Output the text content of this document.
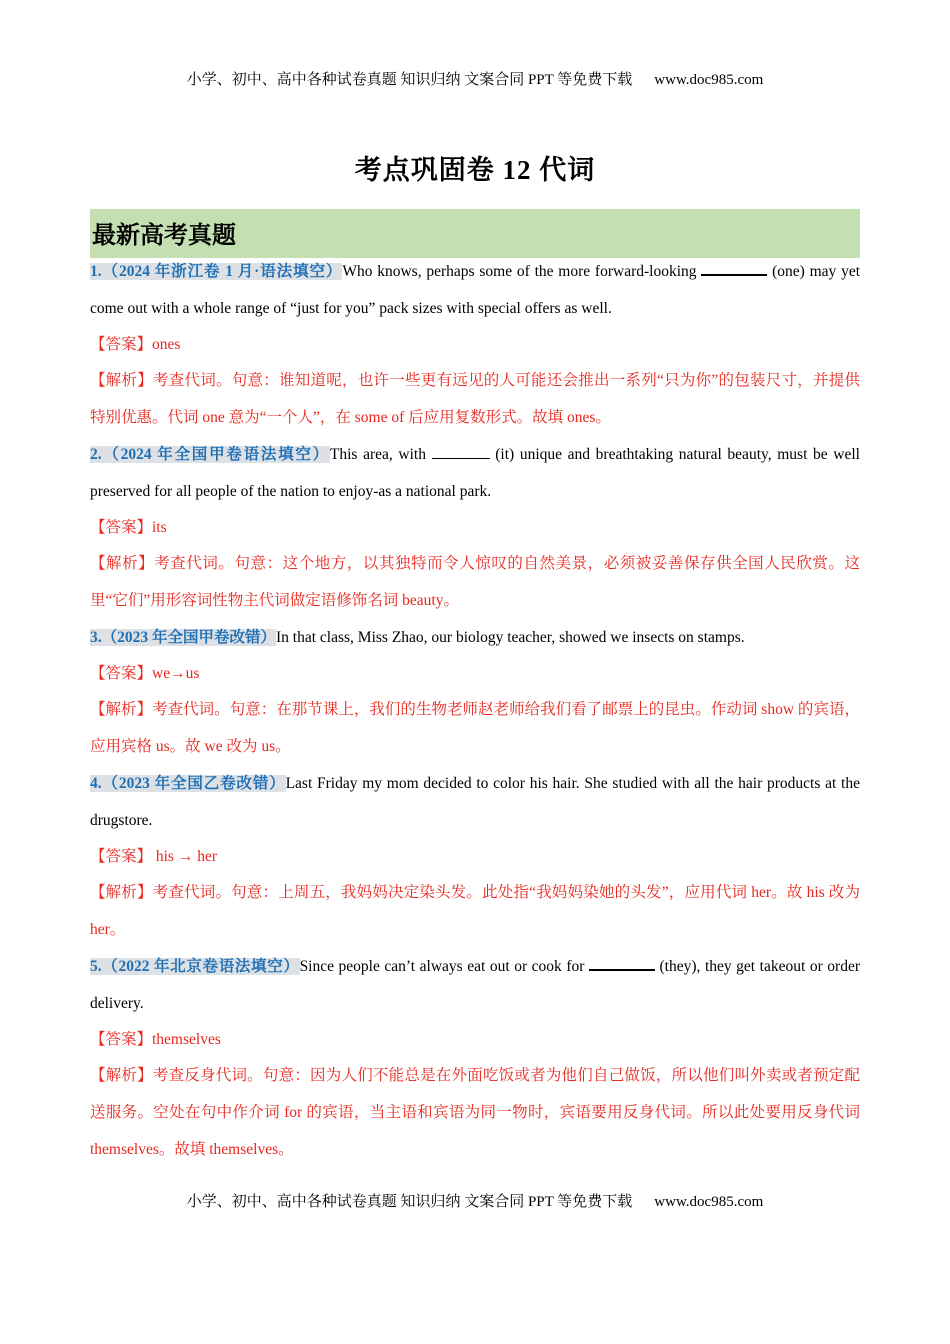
小学、初中、高中各种试卷真题 知识归纳 文案合同 PPT 等免费下载 www.doc985.com
考点巩固卷 12 代词
最新高考真题

1.（2024 年浙江卷 1 月·语法填空）Who knows, perhaps some of the more forward-looking	(one) may yet come out with a whole range of “just for you” pack sizes with special offers as well.

【答案】ones

【解析】考查代词。句意：谁知道呢，也许一些更有远见的人可能还会推出一系列“只为你”的包装尺寸，并提供特别优惠。代词 one 意为“一个人”，在 some of 后应用复数形式。故填 ones。

2.（2024 年全国甲卷语法填空）This area, with	(it) unique and breathtaking natural beauty, must be well preserved for all people of the nation to enjoy-as a national park.

【答案】its

【解析】考查代词。句意：这个地方，以其独特而令人惊叹的自然美景，必须被妥善保存供全国人民欣赏。这里“它们”用形容词性物主代词做定语修饰名词 beauty。

3.（2023 年全国甲卷改错）In that class, Miss Zhao, our biology teacher, showed we insects on stamps.

【答案】we→us

【解析】考查代词。句意：在那节课上，我们的生物老师赵老师给我们看了邮票上的昆虫。作动词 show 的宾语，应用宾格 us。故 we 改为 us。

4.（2023 年全国乙卷改错）Last Friday my mom decided to color his hair. She studied with all the hair products at the drugstore.

【答案】 his → her

【解析】考查代词。句意：上周五，我妈妈决定染头发。此处指“我妈妈染她的头发”，应用代词 her。故 his 改为 her。

5.（2022 年北京卷语法填空）Since people can’t always eat out or cook for	(they), they get takeout or order delivery.

【答案】themselves

【解析】考查反身代词。句意：因为人们不能总是在外面吃饭或者为他们自己做饭，所以他们叫外卖或者预定配送服务。空处在句中作介词 for 的宾语，当主语和宾语为同一物时，宾语要用反身代词。所以此处要用反身代词 themselves。故填 themselves。

小学、初中、高中各种试卷真题 知识归纳 文案合同 PPT 等免费下载 www.doc985.com
